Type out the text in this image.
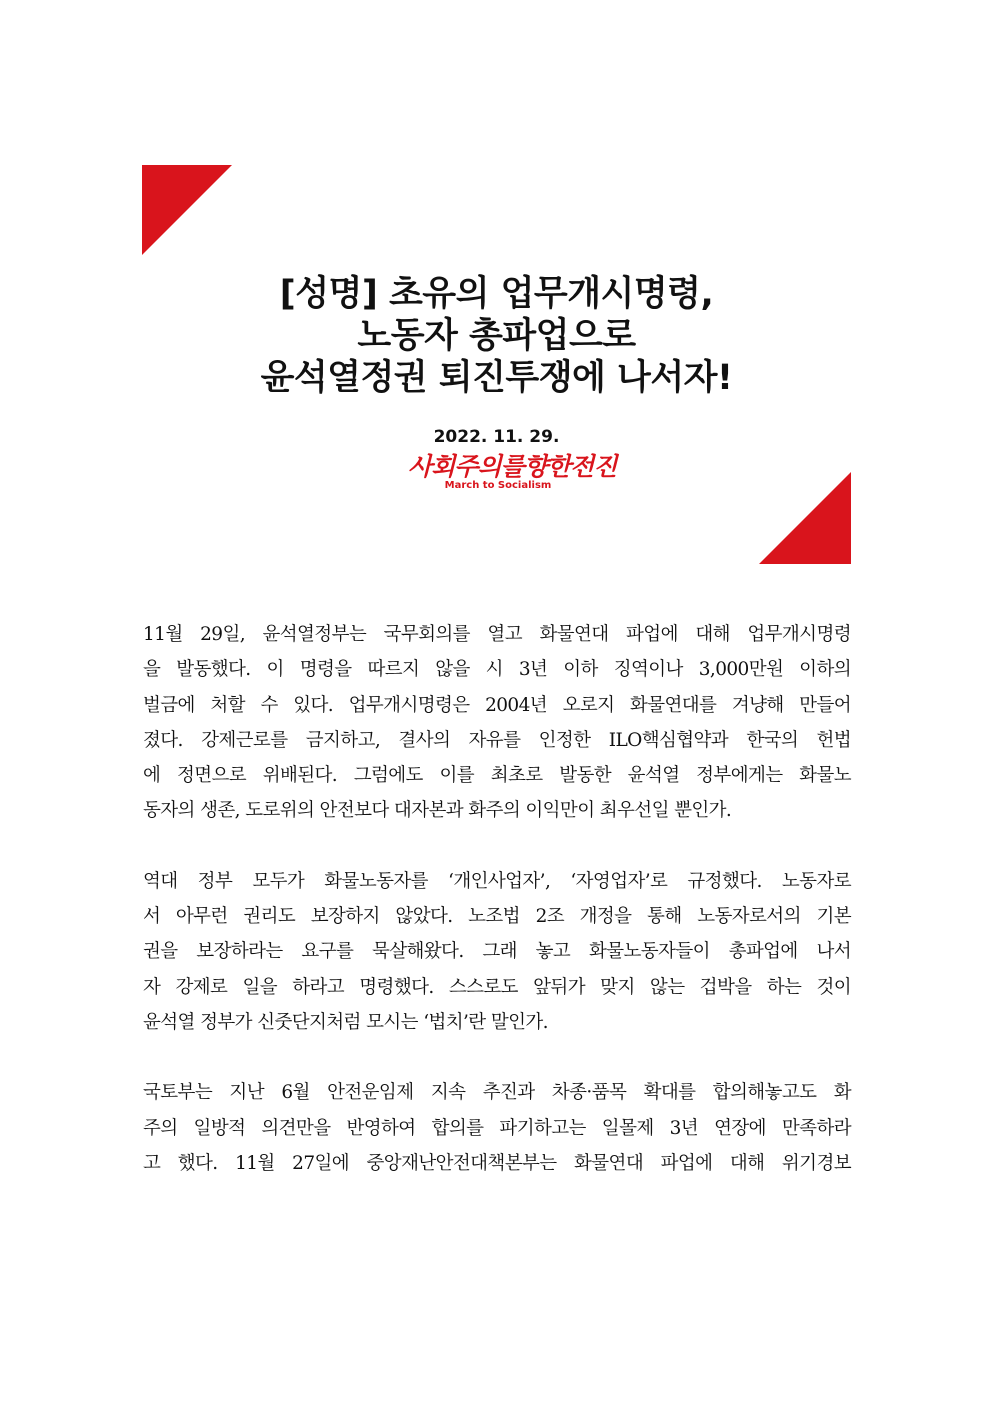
[성명] 초유의 업무개시명령,
노동자 총파업으로
윤석열정권 퇴진투쟁에 나서자!
2022. 11. 29.
사회주의를향한전진
March to Socialism

11월 29일, 윤석열정부는 국무회의를 열고 화물연대 파업에 대해 업무개시명령
을 발동했다. 이 명령을 따르지 않을 시 3년 이하 징역이나 3,000만원 이하의
벌금에 처할 수 있다. 업무개시명령은 2004년 오로지 화물연대를 겨냥해 만들어
졌다. 강제근로를 금지하고, 결사의 자유를 인정한 ILO핵심협약과 한국의 헌법
에 정면으로 위배된다. 그럼에도 이를 최초로 발동한 윤석열 정부에게는 화물노
동자의 생존, 도로위의 안전보다 대자본과 화주의 이익만이 최우선일 뿐인가.

역대 정부 모두가 화물노동자를 ‘개인사업자’, ‘자영업자’로 규정했다. 노동자로
서 아무런 권리도 보장하지 않았다. 노조법 2조 개정을 통해 노동자로서의 기본
권을 보장하라는 요구를 묵살해왔다. 그래 놓고 화물노동자들이 총파업에 나서
자 강제로 일을 하라고 명령했다. 스스로도 앞뒤가 맞지 않는 겁박을 하는 것이
윤석열 정부가 신줏단지처럼 모시는 ‘법치’란 말인가.

국토부는 지난 6월 안전운임제 지속 추진과 차종·품목 확대를 합의해놓고도 화
주의 일방적 의견만을 반영하여 합의를 파기하고는 일몰제 3년 연장에 만족하라
고 했다. 11월 27일에 중앙재난안전대책본부는 화물연대 파업에 대해 위기경보
